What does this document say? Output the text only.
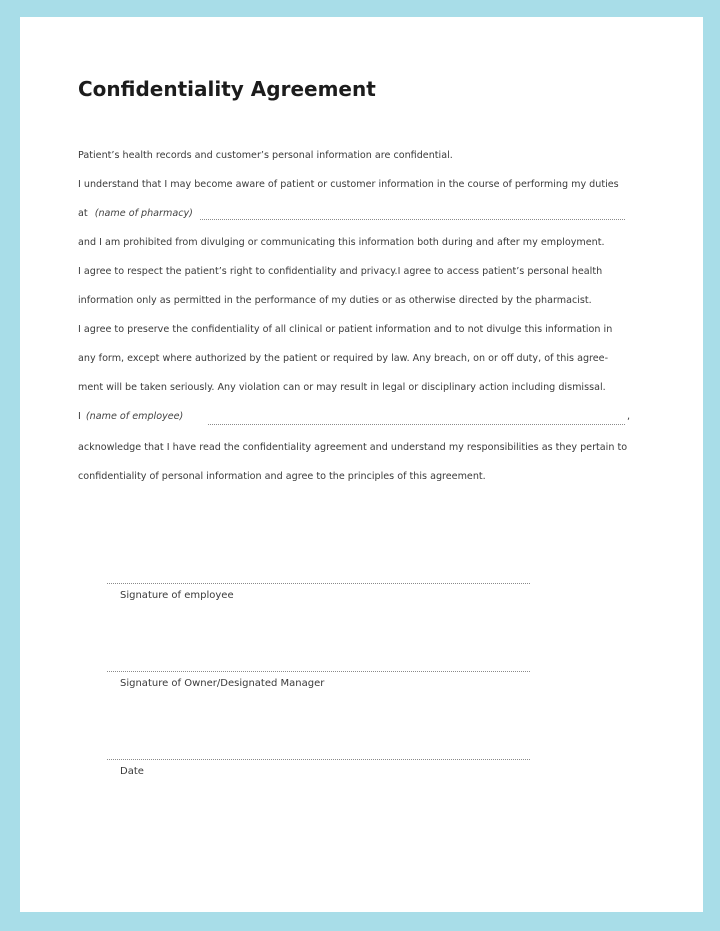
Confidentiality Agreement
Patient’s health records and customer’s personal information are confidential.
I understand that I may become aware of patient or customer information in the course of performing my duties
at (name of pharmacy)
and I am prohibited from divulging or communicating this information both during and after my employment.
I agree to respect the patient’s right to confidentiality and privacy.I agree to access patient’s personal health
information only as permitted in the performance of my duties or as otherwise directed by the pharmacist.
I agree to preserve the confidentiality of all clinical or patient information and to not divulge this information in
any form, except where authorized by the patient or required by law. Any breach, on or off duty, of this agree-
ment will be taken seriously. Any violation can or may result in legal or disciplinary action including dismissal.
I (name of employee)	,
acknowledge that I have read the confidentiality agreement and understand my responsibilities as they pertain to
confidentiality of personal information and agree to the principles of this agreement.
Signature of employee
Signature of Owner/Designated Manager
Date
